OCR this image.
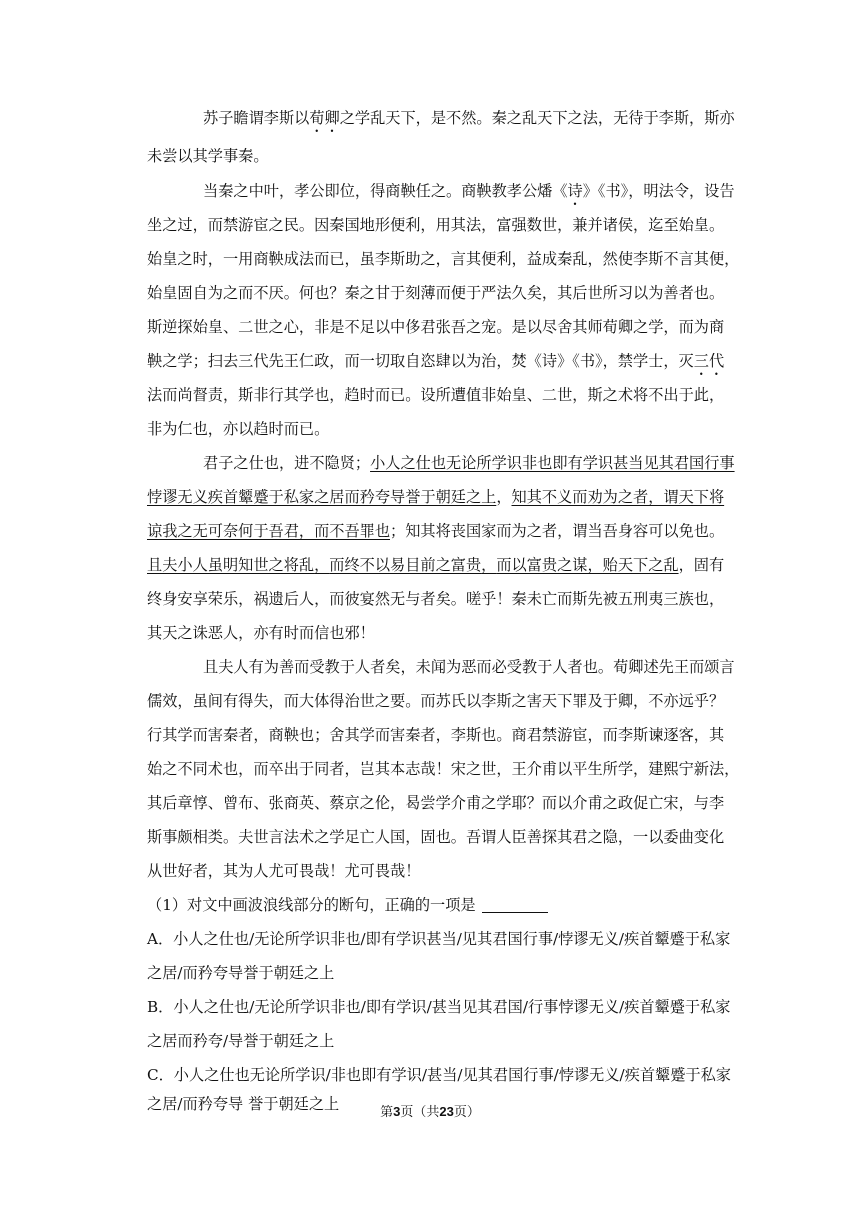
苏子瞻谓李斯以荀卿之学乱天下，是不然。秦之乱天下之法，无待于李斯，斯亦
未尝以其学事秦。
当秦之中叶，孝公即位，得商鞅任之。商鞅教孝公燔《诗》《书》，明法令，设告
坐之过，而禁游宦之民。因秦国地形便利，用其法，富强数世，兼并诸侯，迄至始皇。
始皇之时，一用商鞅成法而已，虽李斯助之，言其便利，益成秦乱，然使李斯不言其便，
始皇固自为之而不厌。何也？秦之甘于刻薄而便于严法久矣，其后世所习以为善者也。
斯逆探始皇、二世之心，非是不足以中侈君张吾之宠。是以尽舍其师荀卿之学，而为商
鞅之学；扫去三代先王仁政，而一切取自恣肆以为治，焚《诗》《书》，禁学士，灭三代
法而尚督责，斯非行其学也，趋时而已。设所遭值非始皇、二世，斯之术将不出于此，
非为仁也，亦以趋时而已。
君子之仕也，进不隐贤；小人之仕也无论所学识非也即有学识甚当见其君国行事
悖谬无义疾首颦蹙于私家之居而矜夸导誉于朝廷之上，知其不义而劝为之者，谓天下将
谅我之无可奈何于吾君，而不吾罪也；知其将丧国家而为之者，谓当吾身容可以免也。
且夫小人虽明知世之将乱，而终不以易目前之富贵，而以富贵之谋，贻天下之乱，固有
终身安享荣乐，祸遗后人，而彼宴然无与者矣。嗟乎！秦未亡而斯先被五刑夷三族也，
其天之诛恶人，亦有时而信也邪！
且夫人有为善而受教于人者矣，未闻为恶而必受教于人者也。荀卿述先王而颂言
儒效，虽间有得失，而大体得治世之要。而苏氏以李斯之害天下罪及于卿，不亦远乎？
行其学而害秦者，商鞅也；舍其学而害秦者，李斯也。商君禁游宦，而李斯谏逐客，其
始之不同术也，而卒出于同者，岂其本志哉！宋之世，王介甫以平生所学，建熙宁新法，
其后章惇、曾布、张商英、蔡京之伦，曷尝学介甫之学耶？而以介甫之政促亡宋，与李
斯事颇相类。夫世言法术之学足亡人国，固也。吾谓人臣善探其君之隐，一以委曲变化
从世好者，其为人尤可畏哉！尤可畏哉！
（1）对文中画波浪线部分的断句，正确的一项是
A．小人之仕也/无论所学识非也/即有学识甚当/见其君国行事/悖谬无义/疾首颦蹙于私家
之居/而矜夸导誉于朝廷之上
B．小人之仕也/无论所学识非也/即有学识/甚当见其君国/行事悖谬无义/疾首颦蹙于私家
之居而矜夸/导誉于朝廷之上
C．小人之仕也无论所学识/非也即有学识/甚当/见其君国行事/悖谬无义/疾首颦蹙于私家
之居/而矜夸导 誉于朝廷之上	第3页（共23页）
